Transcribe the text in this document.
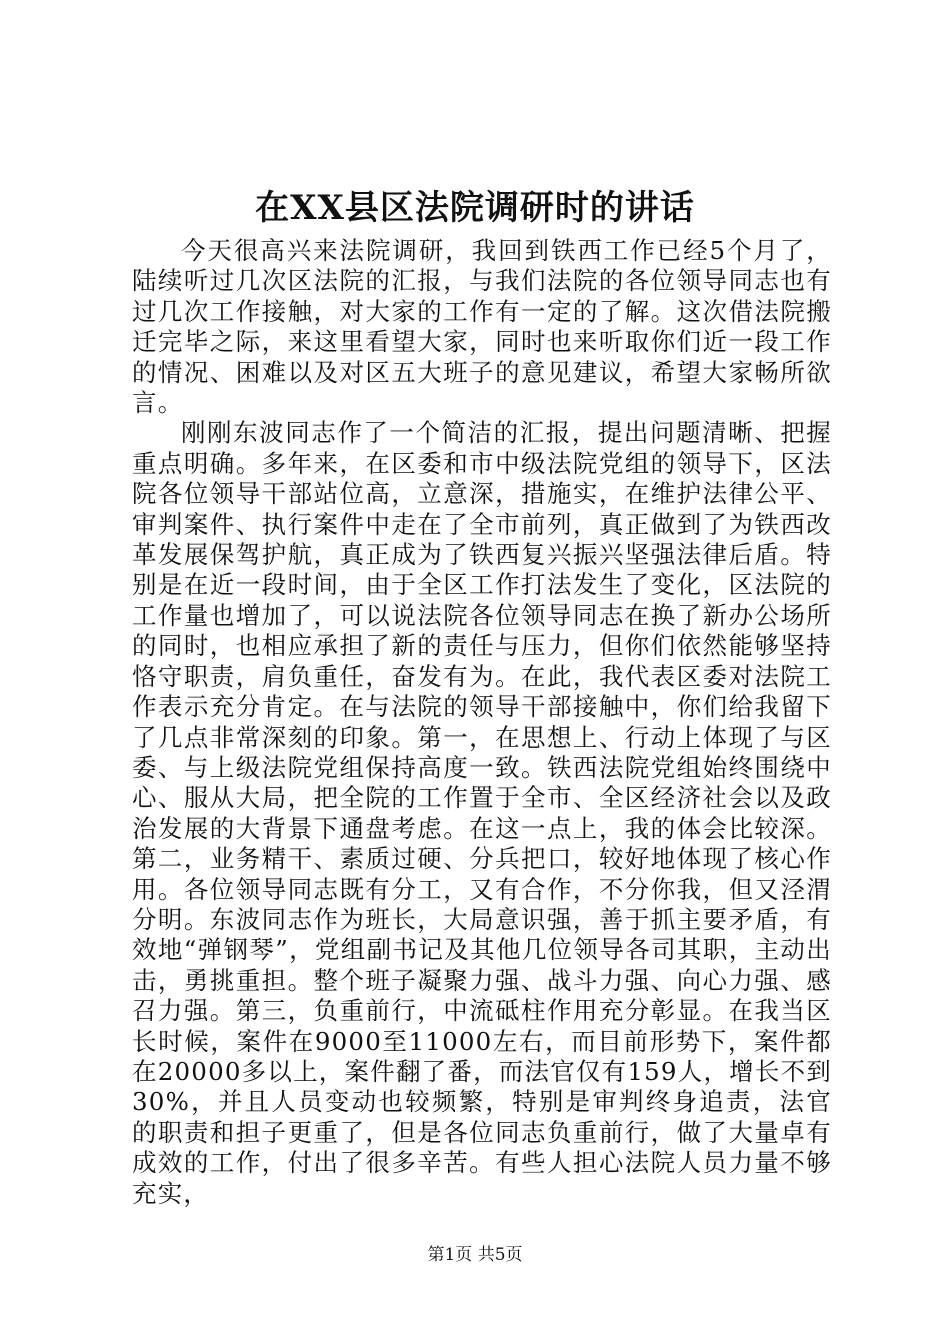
在XX县区法院调研时的讲话

今天很高兴来法院调研，我回到铁西工作已经5个月了，陆续听过几次区法院的汇报，与我们法院的各位领导同志也有过几次工作接触，对大家的工作有一定的了解。这次借法院搬迁完毕之际，来这里看望大家，同时也来听取你们近一段工作的情况、困难以及对区五大班子的意见建议，希望大家畅所欲言。

刚刚东波同志作了一个简洁的汇报，提出问题清晰、把握重点明确。多年来，在区委和市中级法院党组的领导下，区法院各位领导干部站位高，立意深，措施实，在维护法律公平、审判案件、执行案件中走在了全市前列，真正做到了为铁西改革发展保驾护航，真正成为了铁西复兴振兴坚强法律后盾。特别是在近一段时间，由于全区工作打法发生了变化，区法院的工作量也增加了，可以说法院各位领导同志在换了新办公场所的同时，也相应承担了新的责任与压力，但你们依然能够坚持恪守职责，肩负重任，奋发有为。在此，我代表区委对法院工作表示充分肯定。在与法院的领导干部接触中，你们给我留下了几点非常深刻的印象。第一，在思想上、行动上体现了与区委、与上级法院党组保持高度一致。铁西法院党组始终围绕中心、服从大局，把全院的工作置于全市、全区经济社会以及政治发展的大背景下通盘考虑。在这一点上，我的体会比较深。第二，业务精干、素质过硬、分兵把口，较好地体现了核心作用。各位领导同志既有分工，又有合作，不分你我，但又泾渭分明。东波同志作为班长，大局意识强，善于抓主要矛盾，有效地“弹钢琴”，党组副书记及其他几位领导各司其职，主动出击，勇挑重担。整个班子凝聚力强、战斗力强、向心力强、感召力强。第三，负重前行，中流砥柱作用充分彰显。在我当区长时候，案件在9000至11000左右，而目前形势下，案件都在20000多以上，案件翻了番，而法官仅有159人，增长不到30%，并且人员变动也较频繁，特别是审判终身追责，法官的职责和担子更重了，但是各位同志负重前行，做了大量卓有成效的工作，付出了很多辛苦。有些人担心法院人员力量不够充实，

第1页 共5页
